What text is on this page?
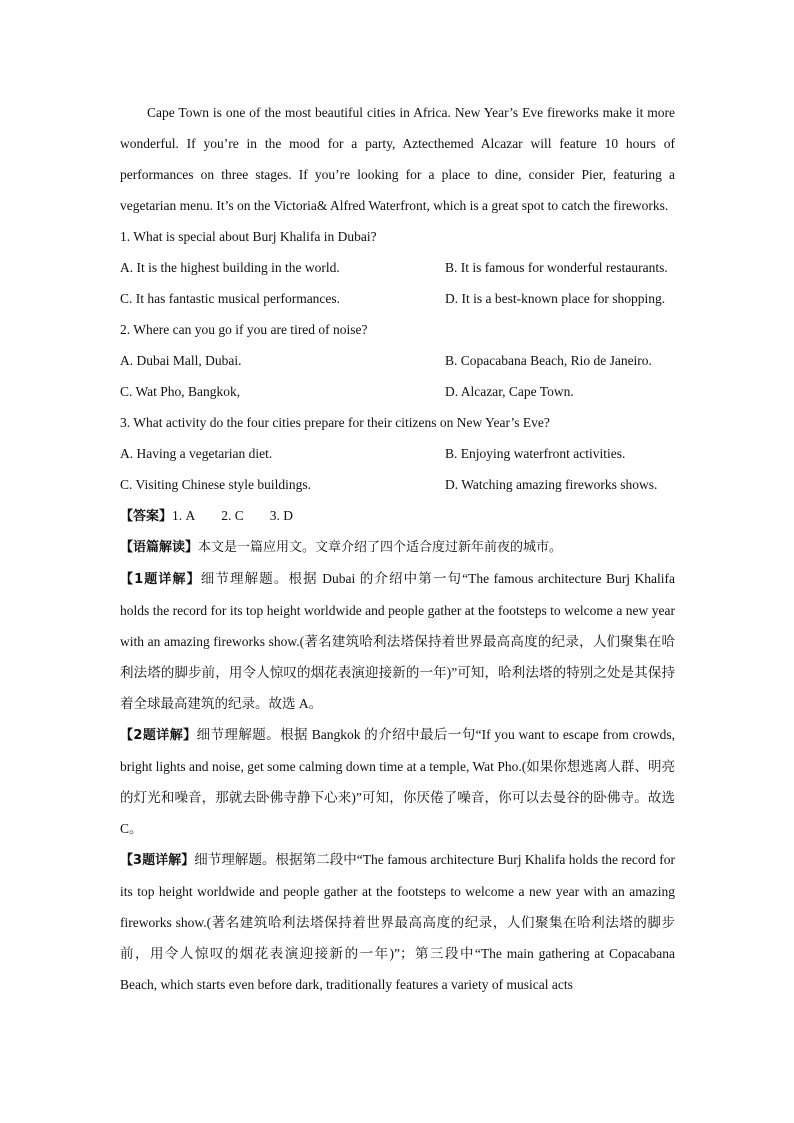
Cape Town is one of the most beautiful cities in Africa. New Year’s Eve fireworks make it more wonderful. If you’re in the mood for a party, Aztecthemed Alcazar will feature 10 hours of performances on three stages. If you’re looking for a place to dine, consider Pier, featuring a vegetarian menu. It’s on the Victoria& Alfred Waterfront, which is a great spot to catch the fireworks.

1. What is special about Burj Khalifa in Dubai?

A. It is the highest building in the world.	B. It is famous for wonderful restaurants.
C. It has fantastic musical performances.	D. It is a best-known place for shopping.

2. Where can you go if you are tired of noise?

A. Dubai Mall, Dubai.	B. Copacabana Beach, Rio de Janeiro.
C. Wat Pho, Bangkok,	D. Alcazar, Cape Town.

3. What activity do the four cities prepare for their citizens on New Year’s Eve?

A. Having a vegetarian diet.	B. Enjoying waterfront activities.
C. Visiting Chinese style buildings.	D. Watching amazing fireworks shows.

【答案】1. A 2. C 3. D

【语篇解读】本文是一篇应用文。文章介绍了四个适合度过新年前夜的城市。

【1题详解】细节理解题。根据 Dubai 的介绍中第一句“The famous architecture Burj Khalifa holds the record for its top height worldwide and people gather at the footsteps to welcome a new year with an amazing fireworks show.(著名建筑哈利法塔保持着世界最高高度的纪录，人们聚集在哈利法塔的脚步前，用令人惊叹的烟花表演迎接新的一年)”可知，哈利法塔的特别之处是其保持着全球最高建筑的纪录。故选 A。

【2题详解】细节理解题。根据 Bangkok 的介绍中最后一句“If you want to escape from crowds, bright lights and noise, get some calming down time at a temple, Wat Pho.(如果你想逃离人群、明亮的灯光和噪音，那就去卧佛寺静下心来)”可知，你厌倦了噪音，你可以去曼谷的卧佛寺。故选 C。

【3题详解】细节理解题。根据第二段中“The famous architecture Burj Khalifa holds the record for its top height worldwide and people gather at the footsteps to welcome a new year with an amazing fireworks show.(著名建筑哈利法塔保持着世界最高高度的纪录，人们聚集在哈利法塔的脚步前，用令人惊叹的烟花表演迎接新的一年)”；第三段中“The main gathering at Copacabana Beach, which starts even before dark, traditionally features a variety of musical acts
